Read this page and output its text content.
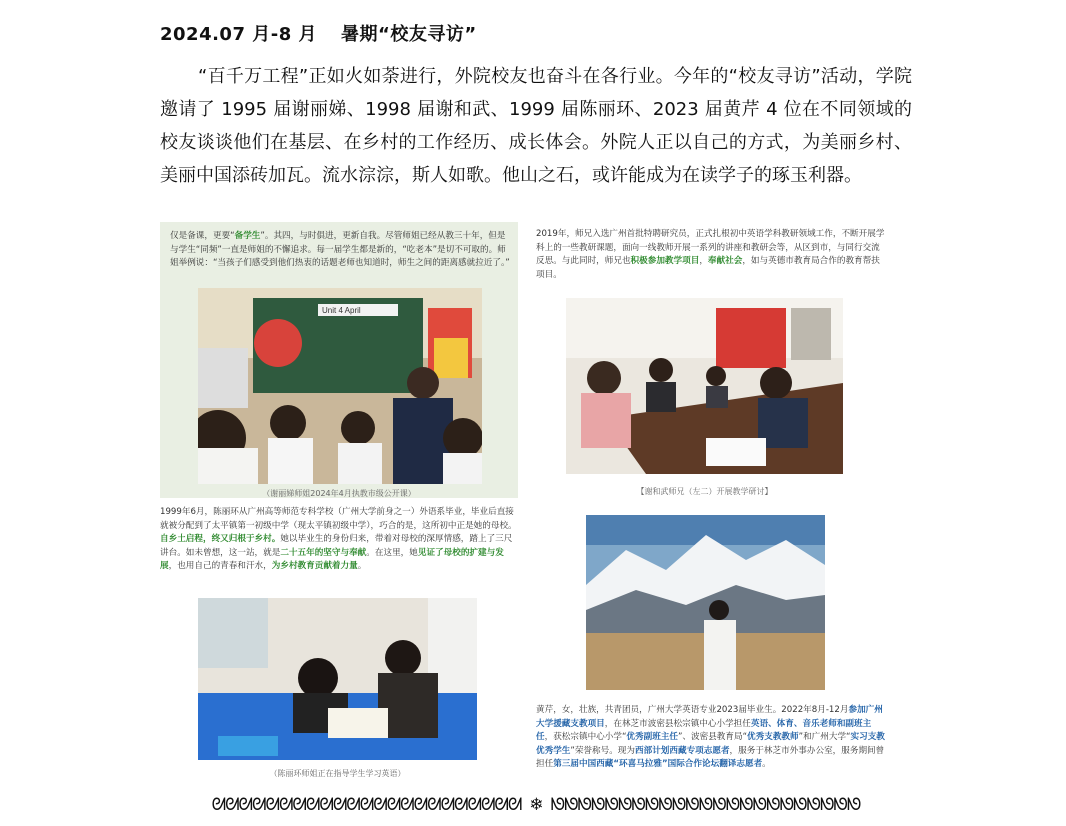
2024.07 月-8 月 暑期“校友寻访”
“百千万工程”正如火如荼进行，外院校友也奋斗在各行业。今年的“校友寻访”活动，学院邀请了 1995 届谢丽娣、1998 届谢和武、1999 届陈丽环、2023 届黄芹 4 位在不同领域的校友谈谈他们在基层、在乡村的工作经历、成长体会。外院人正以自己的方式，为美丽乡村、美丽中国添砖加瓦。流水淙淙，斯人如歌。他山之石，或许能成为在读学子的琢玉利器。
仅是备课，更要“备学生”。其四，与时俱进，更新自我。尽管师姐已经从教三十年，但是与学生“同频”一直是师姐的不懈追求。每一届学生都是新的，“吃老本”是切不可取的。师姐举例说：“当孩子们感受到他们热衷的话题老师也知道时，师生之间的距离感就拉近了。”
Unit 4 April
（谢丽娣师姐2024年4月执教市级公开课）
2019年，师兄入选广州首批特聘研究员，正式扎根初中英语学科教研领域工作，不断开展学科上的一些教研课题，面向一线教师开展一系列的讲座和教研会等，从区到市，与同行交流反思。与此同时，师兄也积极参加教学项目，奉献社会，如与英德市教育局合作的教育帮扶项目。
【谢和武师兄（左二）开展教学研讨】
1999年6月，陈丽环从广州高等师范专科学校（广州大学前身之一）外语系毕业，毕业后直接就被分配到了太平镇第一初级中学（现太平镇初级中学），巧合的是，这所初中正是她的母校。自乡土启程，终又归根于乡村。她以毕业生的身份归来，带着对母校的深厚情感，踏上了三尺讲台。如未曾想，这一站，就是二十五年的坚守与奉献。在这里，她见证了母校的扩建与发展，也用自己的青春和汗水，为乡村教育贡献着力量。
（陈丽环师姐正在指导学生学习英语）
黄芹，女，壮族，共青团员，广州大学英语专业2023届毕业生。2022年8月-12月参加广州大学援藏支教项目，在林芝市波密县松宗镇中心小学担任英语、体育、音乐老师和副班主任，获松宗镇中心小学“优秀副班主任”、波密县教育局“优秀支教教师”和广州大学“实习支教优秀学生”荣誉称号。现为西部计划西藏专项志愿者，服务于林芝市外事办公室，服务期间曾担任第三届中国西藏“环喜马拉雅”国际合作论坛翻译志愿者。
ᘛᘛᘛᘛᘛᘛᘛᘛᘛᘛᘛᘛᘛᘛᘛᘛᘛᘛᘛᘛᘛᘛᘛ ❄ ᘚᘚᘚᘚᘚᘚᘚᘚᘚᘚᘚᘚᘚᘚᘚᘚᘚᘚᘚᘚᘚᘚᘚ
